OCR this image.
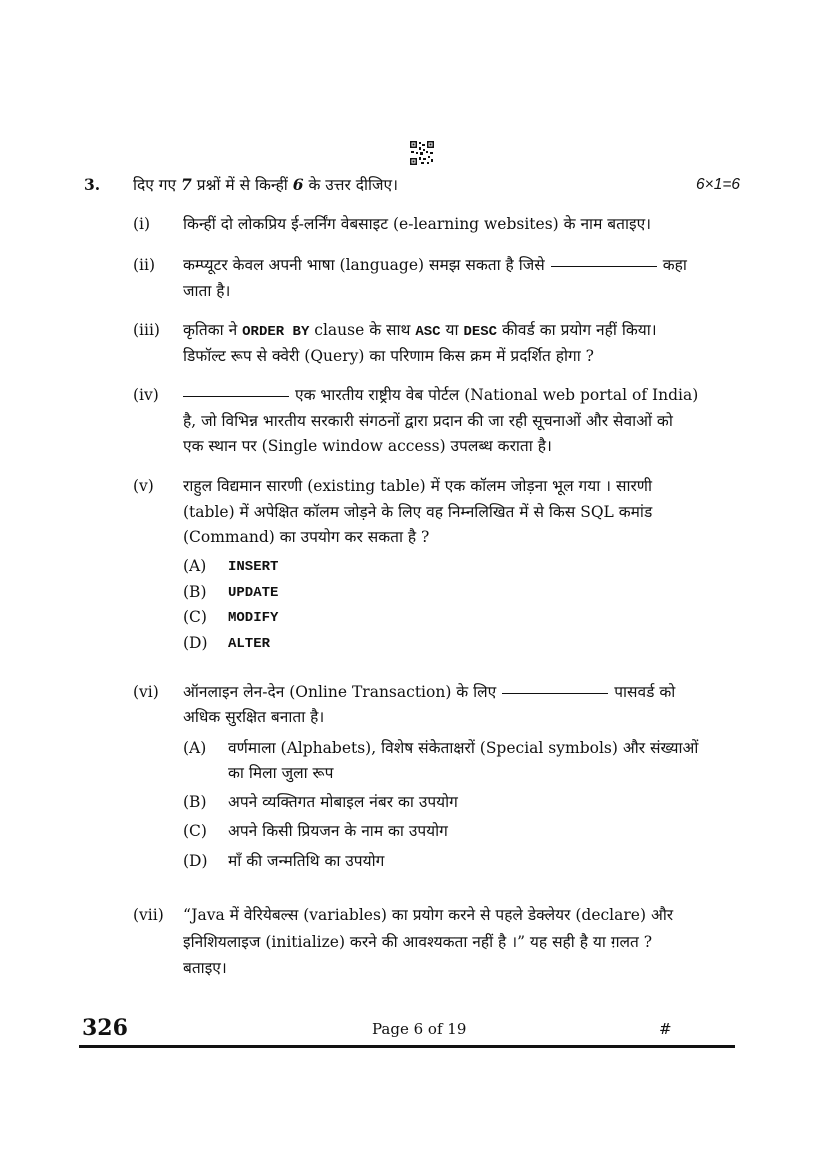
3. दिए गए 7 प्रश्नों में से किन्हीं 6 के उत्तर दीजिए।	6×1=6
(i) किन्हीं दो लोकप्रिय ई-लर्निंग वेबसाइट (e-learning websites) के नाम बताइए।
(ii) कम्प्यूटर केवल अपनी भाषा (language) समझ सकता है जिसे	कहा
जाता है।
(iii) कृतिका ने ORDER BY clause के साथ ASC या DESC कीवर्ड का प्रयोग नहीं किया।
डिफॉल्ट रूप से क्वेरी (Query) का परिणाम किस क्रम में प्रदर्शित होगा ?
(iv)	एक भारतीय राष्ट्रीय वेब पोर्टल (National web portal of India)
है, जो विभिन्न भारतीय सरकारी संगठनों द्वारा प्रदान की जा रही सूचनाओं और सेवाओं को
एक स्थान पर (Single window access) उपलब्ध कराता है।
(v) राहुल विद्यमान सारणी (existing table) में एक कॉलम जोड़ना भूल गया । सारणी
(table) में अपेक्षित कॉलम जोड़ने के लिए वह निम्नलिखित में से किस SQL कमांड
(Command) का उपयोग कर सकता है ?
(A) INSERT
(B) UPDATE
(C) MODIFY
(D) ALTER
(vi) ऑनलाइन लेन-देन (Online Transaction) के लिए	पासवर्ड को
अधिक सुरक्षित बनाता है।
(A) वर्णमाला (Alphabets), विशेष संकेताक्षरों (Special symbols) और संख्याओं
का मिला जुला रूप
(B) अपने व्यक्तिगत मोबाइल नंबर का उपयोग
(C) अपने किसी प्रियजन के नाम का उपयोग
(D) माँ की जन्मतिथि का उपयोग
(vii) “Java में वेरियेबल्स (variables) का प्रयोग करने से पहले डेक्लेयर (declare) और
इनिशियलाइज (initialize) करने की आवश्यकता नहीं है ।” यह सही है या ग़लत ?
बताइए।
326	Page 6 of 19	#
